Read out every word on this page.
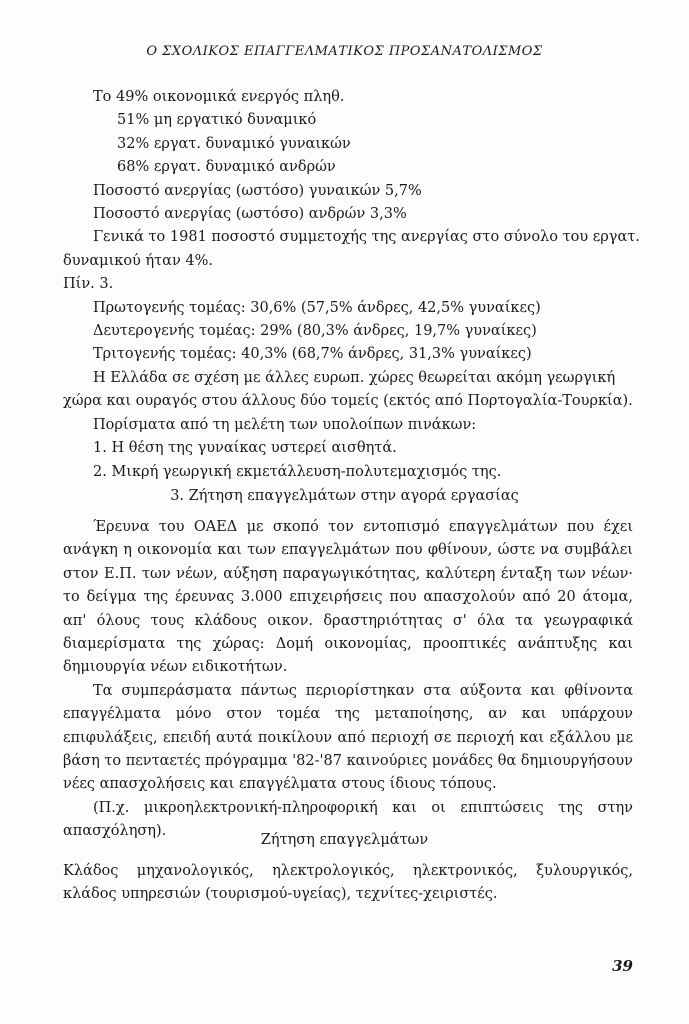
Ο ΣΧΟΛΙΚΟΣ ΕΠΑΓΓΕΛΜΑΤΙΚΟΣ ΠΡΟΣΑΝΑΤΟΛΙΣΜΟΣ
Το 49% οικονομικά ενεργός πληθ.
51% μη εργατικό δυναμικό
32% εργατ. δυναμικό γυναικών
68% εργατ. δυναμικό ανδρών
Ποσοστό ανεργίας (ωστόσο) γυναικών 5,7%
Ποσοστό ανεργίας (ωστόσο) ανδρών 3,3%
Γενικά το 1981 ποσοστό συμμετοχής της ανεργίας στο σύνολο του εργατ.
δυναμικού ήταν 4%.
Πίν. 3.
Πρωτογενής τομέας: 30,6% (57,5% άνδρες, 42,5% γυναίκες)
Δευτερογενής τομέας: 29% (80,3% άνδρες, 19,7% γυναίκες)
Τριτογενής τομέας: 40,3% (68,7% άνδρες, 31,3% γυναίκες)
Η Ελλάδα σε σχέση με άλλες ευρωπ. χώρες θεωρείται ακόμη γεωργική
χώρα και ουραγός στου άλλους δύο τομείς (εκτός από Πορτογαλία-Τουρκία).
Πορίσματα από τη μελέτη των υπολοίπων πινάκων:
1. Η θέση της γυναίκας υστερεί αισθητά.
2. Μικρή γεωργική εκμετάλλευση-πολυτεμαχισμός της.
3. Ζήτηση επαγγελμάτων στην αγορά εργασίας
Έρευνα του ΟΑΕΔ με σκοπό τον εντοπισμό επαγγελμάτων που έχει ανάγκη η οικονομία και των επαγγελμάτων που φθίνουν, ώστε να συμβάλει στον Ε.Π. των νέων, αύξηση παραγωγικότητας, καλύτερη ένταξη των νέων· το δείγμα της έρευνας 3.000 επιχειρήσεις που απασχολούν από 20 άτομα, απ' όλους τους κλάδους οικον. δραστηριότητας σ' όλα τα γεωγραφικά διαμερίσματα της χώρας: Δομή οικονομίας, προοπτικές ανάπτυξης και δημιουργία νέων ειδικοτήτων.
Τα συμπεράσματα πάντως περιορίστηκαν στα αύξοντα και φθίνοντα επαγγέλματα μόνο στον τομέα της μεταποίησης, αν και υπάρχουν επιφυλάξεις, επειδή αυτά ποικίλουν από περιοχή σε περιοχή και εξάλλου με βάση το πενταετές πρόγραμμα '82-'87 καινούριες μονάδες θα δημιουργήσουν νέες απασχολήσεις και επαγγέλματα στους ίδιους τόπους.
(Π.χ. μικροηλεκτρονική-πληροφορική και οι επιπτώσεις της στην απασχόληση).
Ζήτηση επαγγελμάτων
Κλάδος μηχανολογικός, ηλεκτρολογικός, ηλεκτρονικός, ξυλουργικός, κλάδος υπηρεσιών (τουρισμού-υγείας), τεχνίτες-χειριστές.
39
